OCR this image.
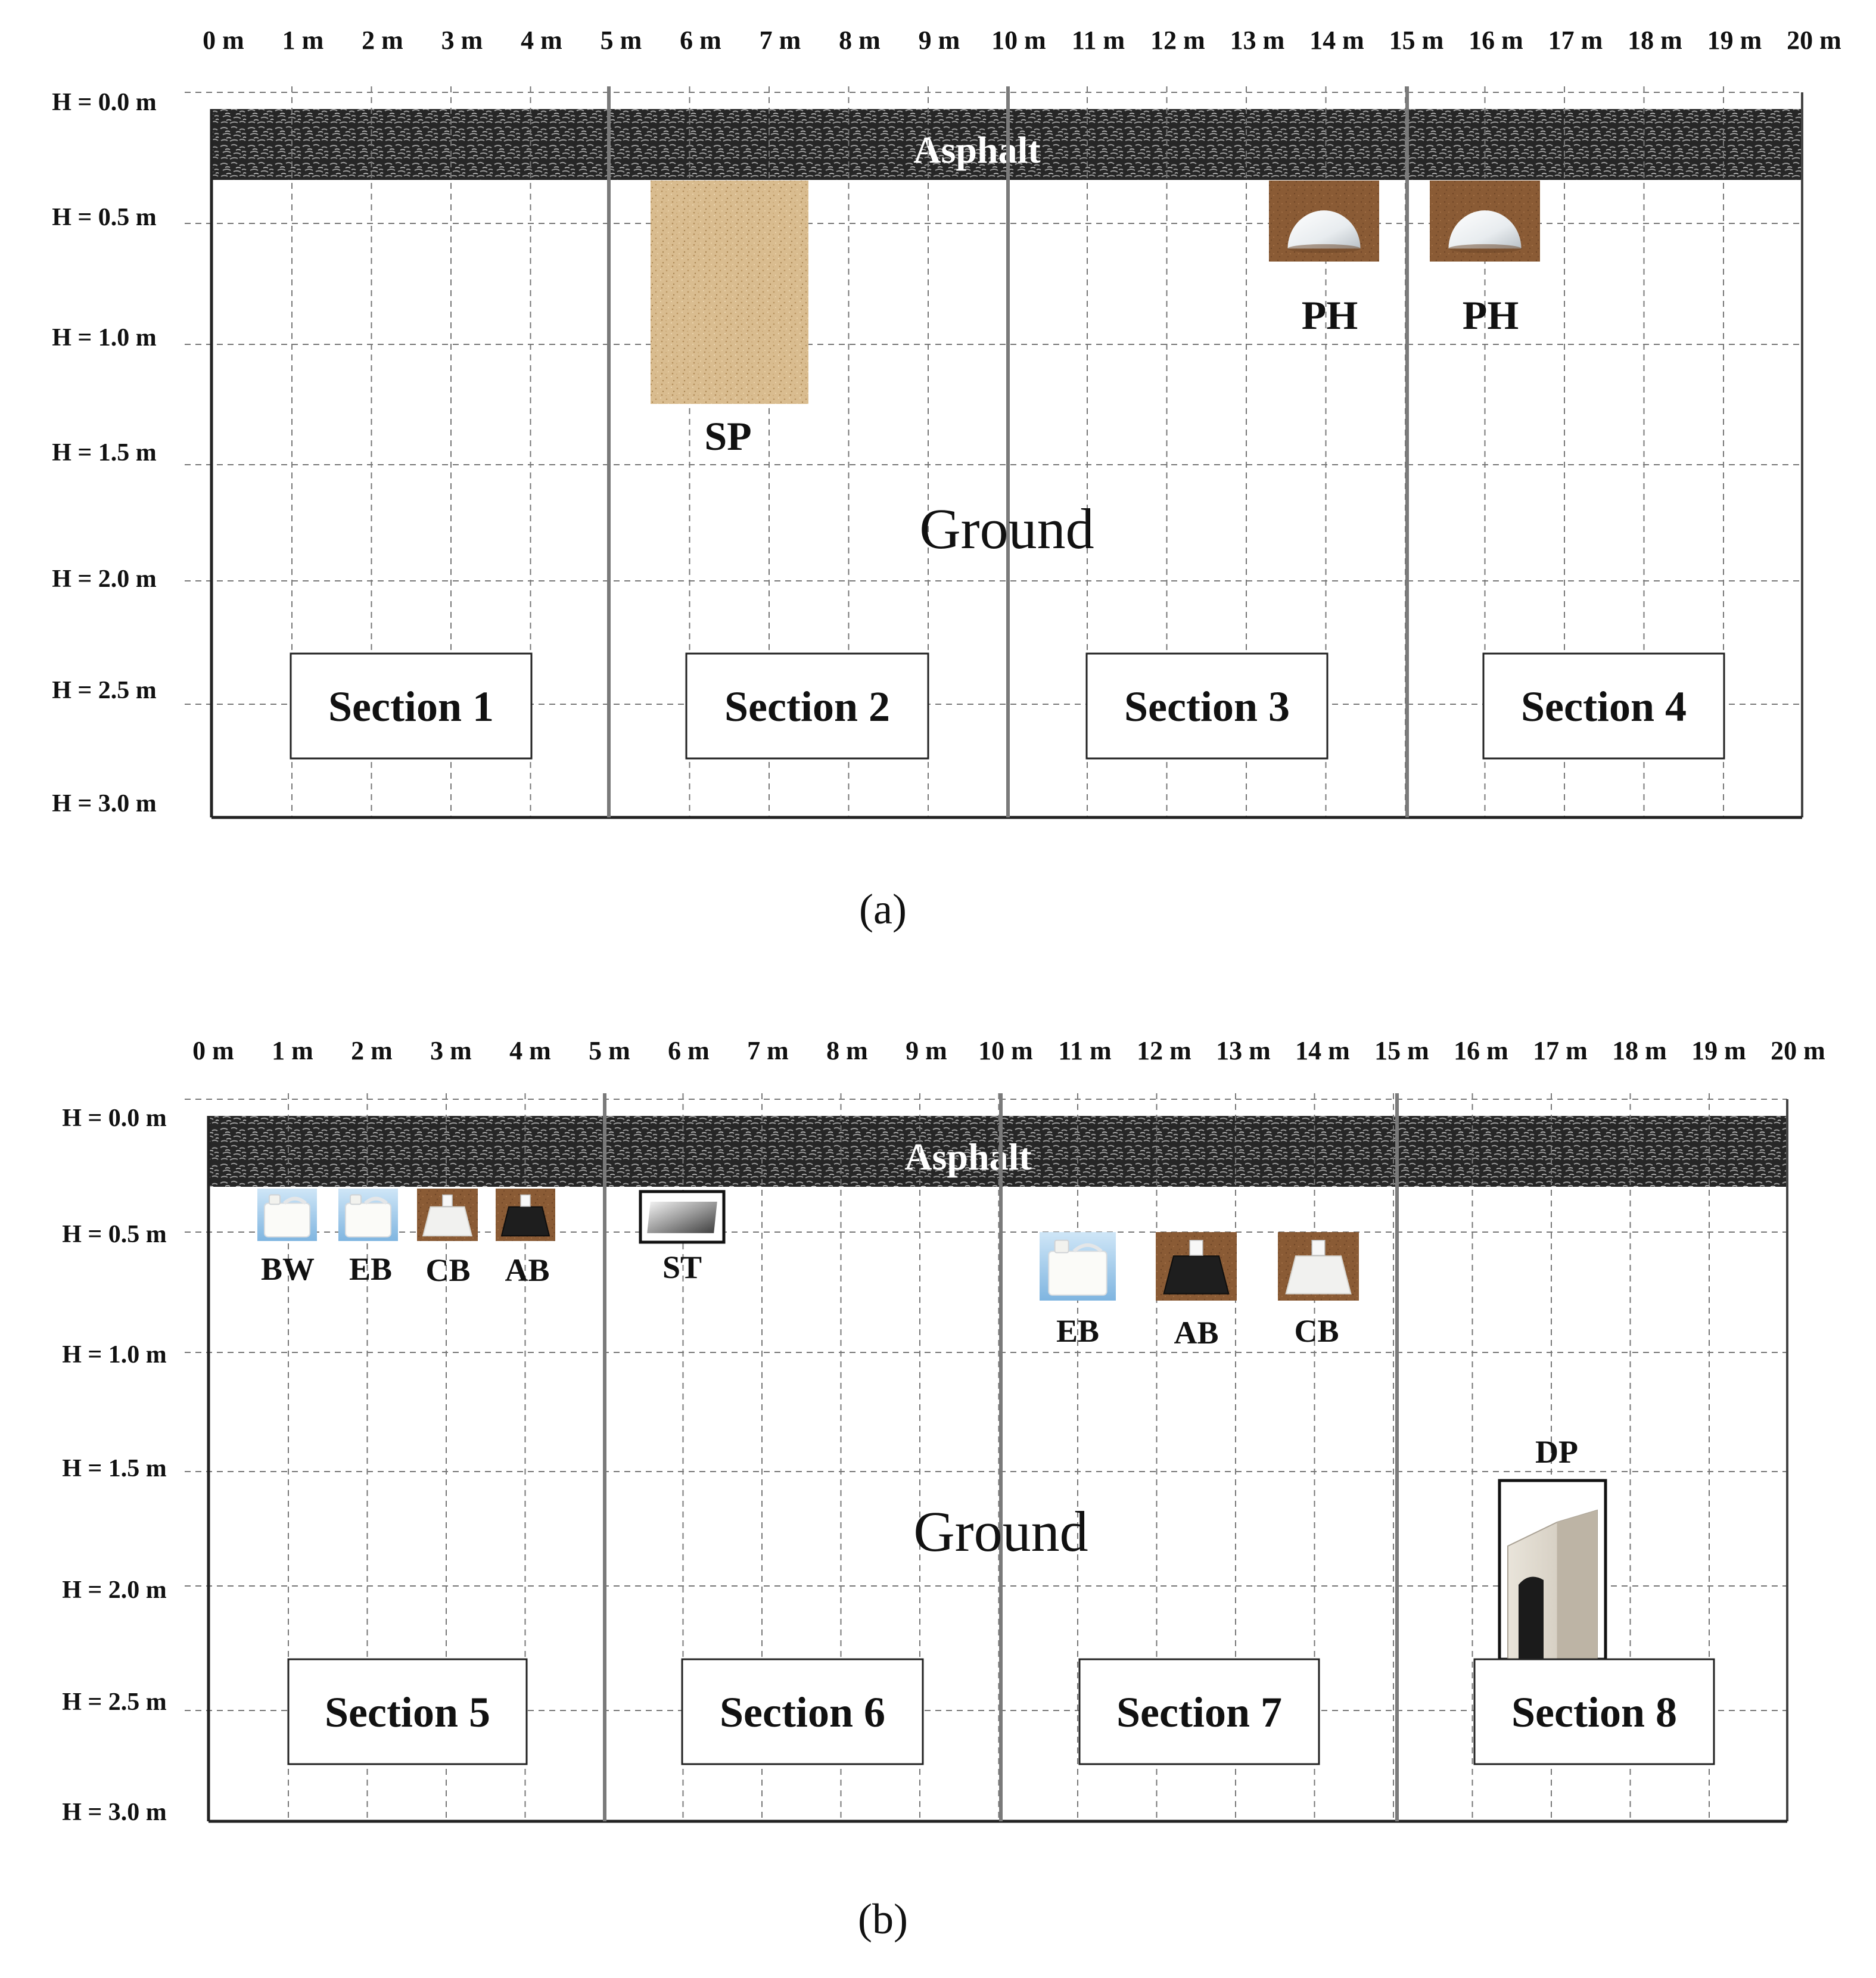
0 m 1 m 2 m 3 m 4 m 5 m 6 m 7 m 8 m 9 m 10 m 11 m 12 m 13 m 14 m 15 m 16 m 17 m 18 m 19 m 20 m
H = 0.0 m
H = 0.5 m
H = 1.0 m
H = 1.5 m
H = 2.0 m
H = 2.5 m
H = 3.0 m
Asphalt
Ground
SP
PH	PH
Section 1	Section 2	Section 3	Section 4
(a)
0 m 1 m 2 m 3 m 4 m 5 m 6 m 7 m 8 m 9 m 10 m 11 m 12 m 13 m 14 m 15 m 16 m 17 m 18 m 19 m 20 m
H = 0.0 m
H = 0.5 m
H = 1.0 m
H = 1.5 m
H = 2.0 m
H = 2.5 m
H = 3.0 m
Asphalt
Ground
BW EB CB AB	ST
EB AB CB
DP
Section 5	Section 6	Section 7	Section 8
(b)
